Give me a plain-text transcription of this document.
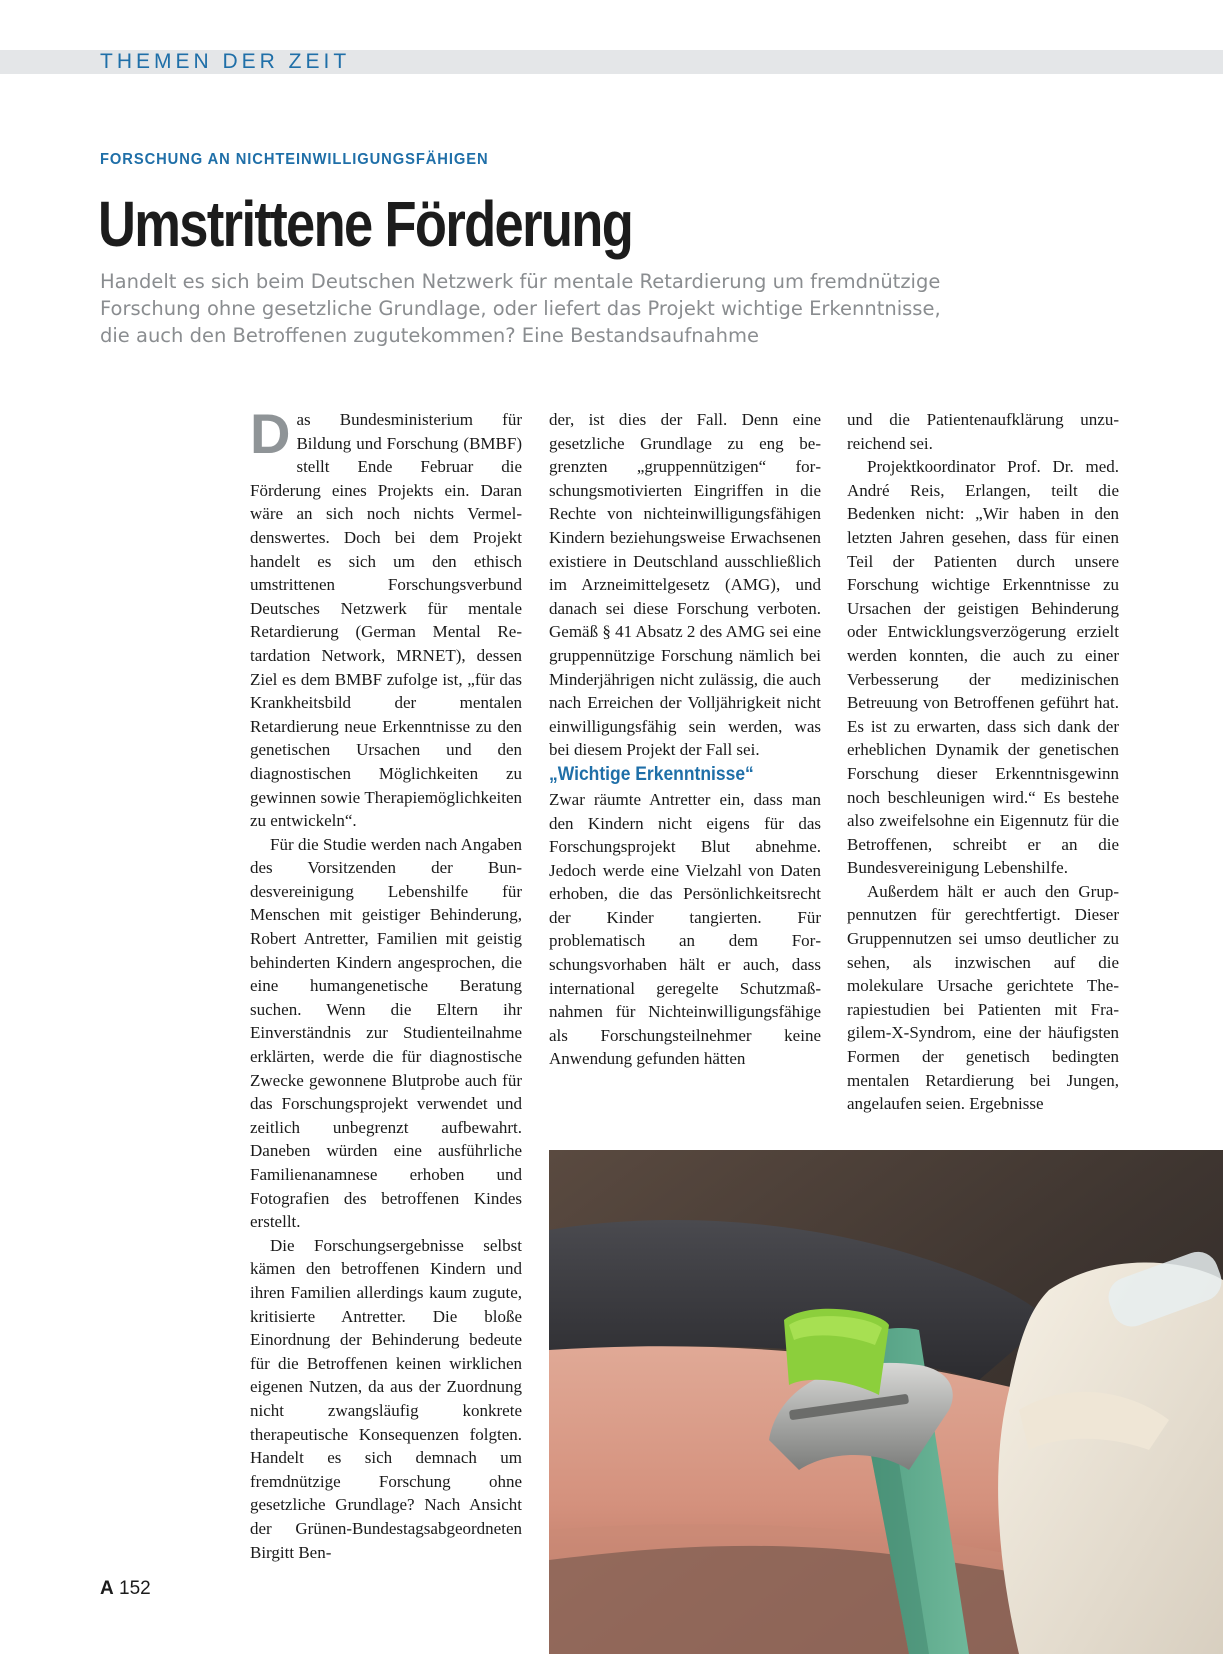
THEMEN DER ZEIT
FORSCHUNG AN NICHTEINWILLIGUNGSFÄHIGEN
Umstrittene Förderung
Handelt es sich beim Deutschen Netzwerk für mentale Retardierung um fremdnützige
Forschung ohne gesetzliche Grundlage, oder liefert das Projekt wichtige Erkenntnisse,
die auch den Betroffenen zugutekommen? Eine Bestandsaufnahme

Das Bundesministerium für Bildung und Forschung (BMBF) stellt Ende Februar die Förderung eines Projekts ein. Daran wäre an sich noch nichts Vermeldenswertes. Doch bei dem Projekt handelt es sich um den ethisch umstrittenen Forschungsverbund Deutsches Netzwerk für mentale Retardierung (German Mental Retardation Network, MRNET), dessen Ziel es dem BMBF zufolge ist, „für das Krankheitsbild der mentalen Retardierung neue Erkenntnisse zu den genetischen Ursachen und den diagnostischen Möglichkeiten zu gewinnen sowie Therapiemöglichkeiten zu entwickeln“.

Für die Studie werden nach Angaben des Vorsitzenden der Bundesvereinigung Lebenshilfe für Menschen mit geistiger Behinderung, Robert Antretter, Familien mit geistig behinderten Kindern angesprochen, die eine humangenetische Beratung suchen. Wenn die Eltern ihr Einverständnis zur Studienteilnahme erklärten, werde die für diagnostische Zwecke gewonnene Blutprobe auch für das Forschungsprojekt verwendet und zeitlich unbegrenzt aufbewahrt. Daneben würden eine ausführliche Familienanamnese erhoben und Fotografien des betroffenen Kindes erstellt.

Die Forschungsergebnisse selbst kämen den betroffenen Kindern und ihren Familien allerdings kaum zugute, kritisierte Antretter. Die bloße Einordnung der Behinderung bedeute für die Betroffenen keinen wirklichen eigenen Nutzen, da aus der Zuordnung nicht zwangsläufig konkrete therapeutische Konsequenzen folgten. Handelt es sich demnach um fremdnützige Forschung ohne gesetzliche Grundlage? Nach Ansicht der Grünen-Bundestagsabgeordneten Birgitt Ben-

der, ist dies der Fall. Denn eine gesetzliche Grundlage zu eng begrenzten „gruppennützigen“ forschungsmotivierten Eingriffen in die Rechte von nichteinwilligungsfähigen Kindern beziehungsweise Erwachsenen existiere in Deutschland ausschließlich im Arzneimittelgesetz (AMG), und danach sei diese Forschung verboten. Gemäß § 41 Absatz 2 des AMG sei eine gruppennützige Forschung nämlich bei Minderjährigen nicht zulässig, die auch nach Erreichen der Volljährigkeit nicht einwilligungsfähig sein werden, was bei diesem Projekt der Fall sei.

„Wichtige Erkenntnisse“

Zwar räumte Antretter ein, dass man den Kindern nicht eigens für das Forschungsprojekt Blut abnehme. Jedoch werde eine Vielzahl von Daten erhoben, die das Persönlichkeitsrecht der Kinder tangierten. Für problematisch an dem Forschungsvorhaben hält er auch, dass international geregelte Schutzmaßnahmen für Nichteinwilligungsfähige als Forschungsteilnehmer keine Anwendung gefunden hätten

und die Patientenaufklärung unzureichend sei.

Projektkoordinator Prof. Dr. med. André Reis, Erlangen, teilt die Bedenken nicht: „Wir haben in den letzten Jahren gesehen, dass für einen Teil der Patienten durch unsere Forschung wichtige Erkenntnisse zu Ursachen der geistigen Behinderung oder Entwicklungsverzögerung erzielt werden konnten, die auch zu einer Verbesserung der medizinischen Betreuung von Betroffenen geführt hat. Es ist zu erwarten, dass sich dank der erheblichen Dynamik der genetischen Forschung dieser Erkenntnisgewinn noch beschleunigen wird.“ Es bestehe also zweifelsohne ein Eigennutz für die Betroffenen, schreibt er an die Bundesvereinigung Lebenshilfe.

Außerdem hält er auch den Gruppennutzen für gerechtfertigt. Dieser Gruppennutzen sei umso deutlicher zu sehen, als inzwischen auf die molekulare Ursache gerichtete Therapiestudien bei Patienten mit Fragilem-X-Syndrom, eine der häufigsten Formen der genetisch bedingten mentalen Retardierung bei Jungen, angelaufen seien. Ergebnisse

A 152
